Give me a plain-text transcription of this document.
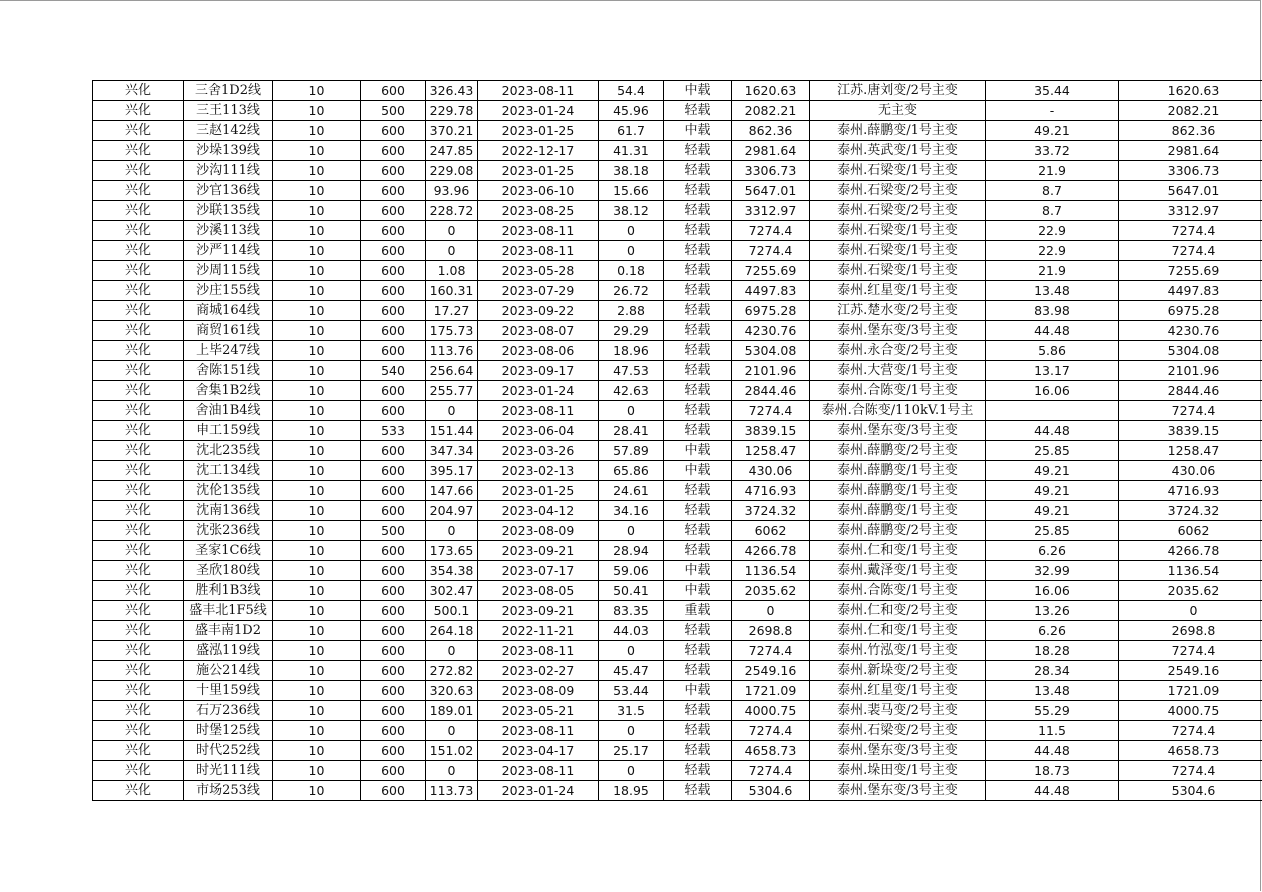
兴化	三舍1D2线	10	600	326.43	2023-08-11	54.4	中载	1620.63	江苏.唐刘变/2号主变	35.44	1620.63
兴化	三王113线	10	500	229.78	2023-01-24	45.96	轻载	2082.21	无主变	-	2082.21
兴化	三赵142线	10	600	370.21	2023-01-25	61.7	中载	862.36	泰州.薛鹏变/1号主变	49.21	862.36
兴化	沙垛139线	10	600	247.85	2022-12-17	41.31	轻载	2981.64	泰州.英武变/1号主变	33.72	2981.64
兴化	沙沟111线	10	600	229.08	2023-01-25	38.18	轻载	3306.73	泰州.石梁变/1号主变	21.9	3306.73
兴化	沙官136线	10	600	93.96	2023-06-10	15.66	轻载	5647.01	泰州.石梁变/2号主变	8.7	5647.01
兴化	沙联135线	10	600	228.72	2023-08-25	38.12	轻载	3312.97	泰州.石梁变/2号主变	8.7	3312.97
兴化	沙溪113线	10	600	0	2023-08-11	0	轻载	7274.4	泰州.石梁变/1号主变	22.9	7274.4
兴化	沙严114线	10	600	0	2023-08-11	0	轻载	7274.4	泰州.石梁变/1号主变	22.9	7274.4
兴化	沙周115线	10	600	1.08	2023-05-28	0.18	轻载	7255.69	泰州.石梁变/1号主变	21.9	7255.69
兴化	沙庄155线	10	600	160.31	2023-07-29	26.72	轻载	4497.83	泰州.红星变/1号主变	13.48	4497.83
兴化	商城164线	10	600	17.27	2023-09-22	2.88	轻载	6975.28	江苏.楚水变/2号主变	83.98	6975.28
兴化	商贸161线	10	600	175.73	2023-08-07	29.29	轻载	4230.76	泰州.堡东变/3号主变	44.48	4230.76
兴化	上毕247线	10	600	113.76	2023-08-06	18.96	轻载	5304.08	泰州.永合变/2号主变	5.86	5304.08
兴化	舍陈151线	10	540	256.64	2023-09-17	47.53	轻载	2101.96	泰州.大营变/1号主变	13.17	2101.96
兴化	舍集1B2线	10	600	255.77	2023-01-24	42.63	轻载	2844.46	泰州.合陈变/1号主变	16.06	2844.46
兴化	舍油1B4线	10	600	0	2023-08-11	0	轻载	7274.4	泰州.合陈变/110kV.1号主		7274.4
兴化	申工159线	10	533	151.44	2023-06-04	28.41	轻载	3839.15	泰州.堡东变/3号主变	44.48	3839.15
兴化	沈北235线	10	600	347.34	2023-03-26	57.89	中载	1258.47	泰州.薛鹏变/2号主变	25.85	1258.47
兴化	沈工134线	10	600	395.17	2023-02-13	65.86	中载	430.06	泰州.薛鹏变/1号主变	49.21	430.06
兴化	沈伦135线	10	600	147.66	2023-01-25	24.61	轻载	4716.93	泰州.薛鹏变/1号主变	49.21	4716.93
兴化	沈南136线	10	600	204.97	2023-04-12	34.16	轻载	3724.32	泰州.薛鹏变/1号主变	49.21	3724.32
兴化	沈张236线	10	500	0	2023-08-09	0	轻载	6062	泰州.薛鹏变/2号主变	25.85	6062
兴化	圣家1C6线	10	600	173.65	2023-09-21	28.94	轻载	4266.78	泰州.仁和变/1号主变	6.26	4266.78
兴化	圣欣180线	10	600	354.38	2023-07-17	59.06	中载	1136.54	泰州.戴泽变/1号主变	32.99	1136.54
兴化	胜利1B3线	10	600	302.47	2023-08-05	50.41	中载	2035.62	泰州.合陈变/1号主变	16.06	2035.62
兴化	盛丰北1F5线	10	600	500.1	2023-09-21	83.35	重载	0	泰州.仁和变/2号主变	13.26	0
兴化	盛丰南1D2	10	600	264.18	2022-11-21	44.03	轻载	2698.8	泰州.仁和变/1号主变	6.26	2698.8
兴化	盛泓119线	10	600	0	2023-08-11	0	轻载	7274.4	泰州.竹泓变/1号主变	18.28	7274.4
兴化	施公214线	10	600	272.82	2023-02-27	45.47	轻载	2549.16	泰州.新垛变/2号主变	28.34	2549.16
兴化	十里159线	10	600	320.63	2023-08-09	53.44	中载	1721.09	泰州.红星变/1号主变	13.48	1721.09
兴化	石万236线	10	600	189.01	2023-05-21	31.5	轻载	4000.75	泰州.裴马变/2号主变	55.29	4000.75
兴化	时堡125线	10	600	0	2023-08-11	0	轻载	7274.4	泰州.石梁变/2号主变	11.5	7274.4
兴化	时代252线	10	600	151.02	2023-04-17	25.17	轻载	4658.73	泰州.堡东变/3号主变	44.48	4658.73
兴化	时光111线	10	600	0	2023-08-11	0	轻载	7274.4	泰州.垛田变/1号主变	18.73	7274.4
兴化	市场253线	10	600	113.73	2023-01-24	18.95	轻载	5304.6	泰州.堡东变/3号主变	44.48	5304.6
